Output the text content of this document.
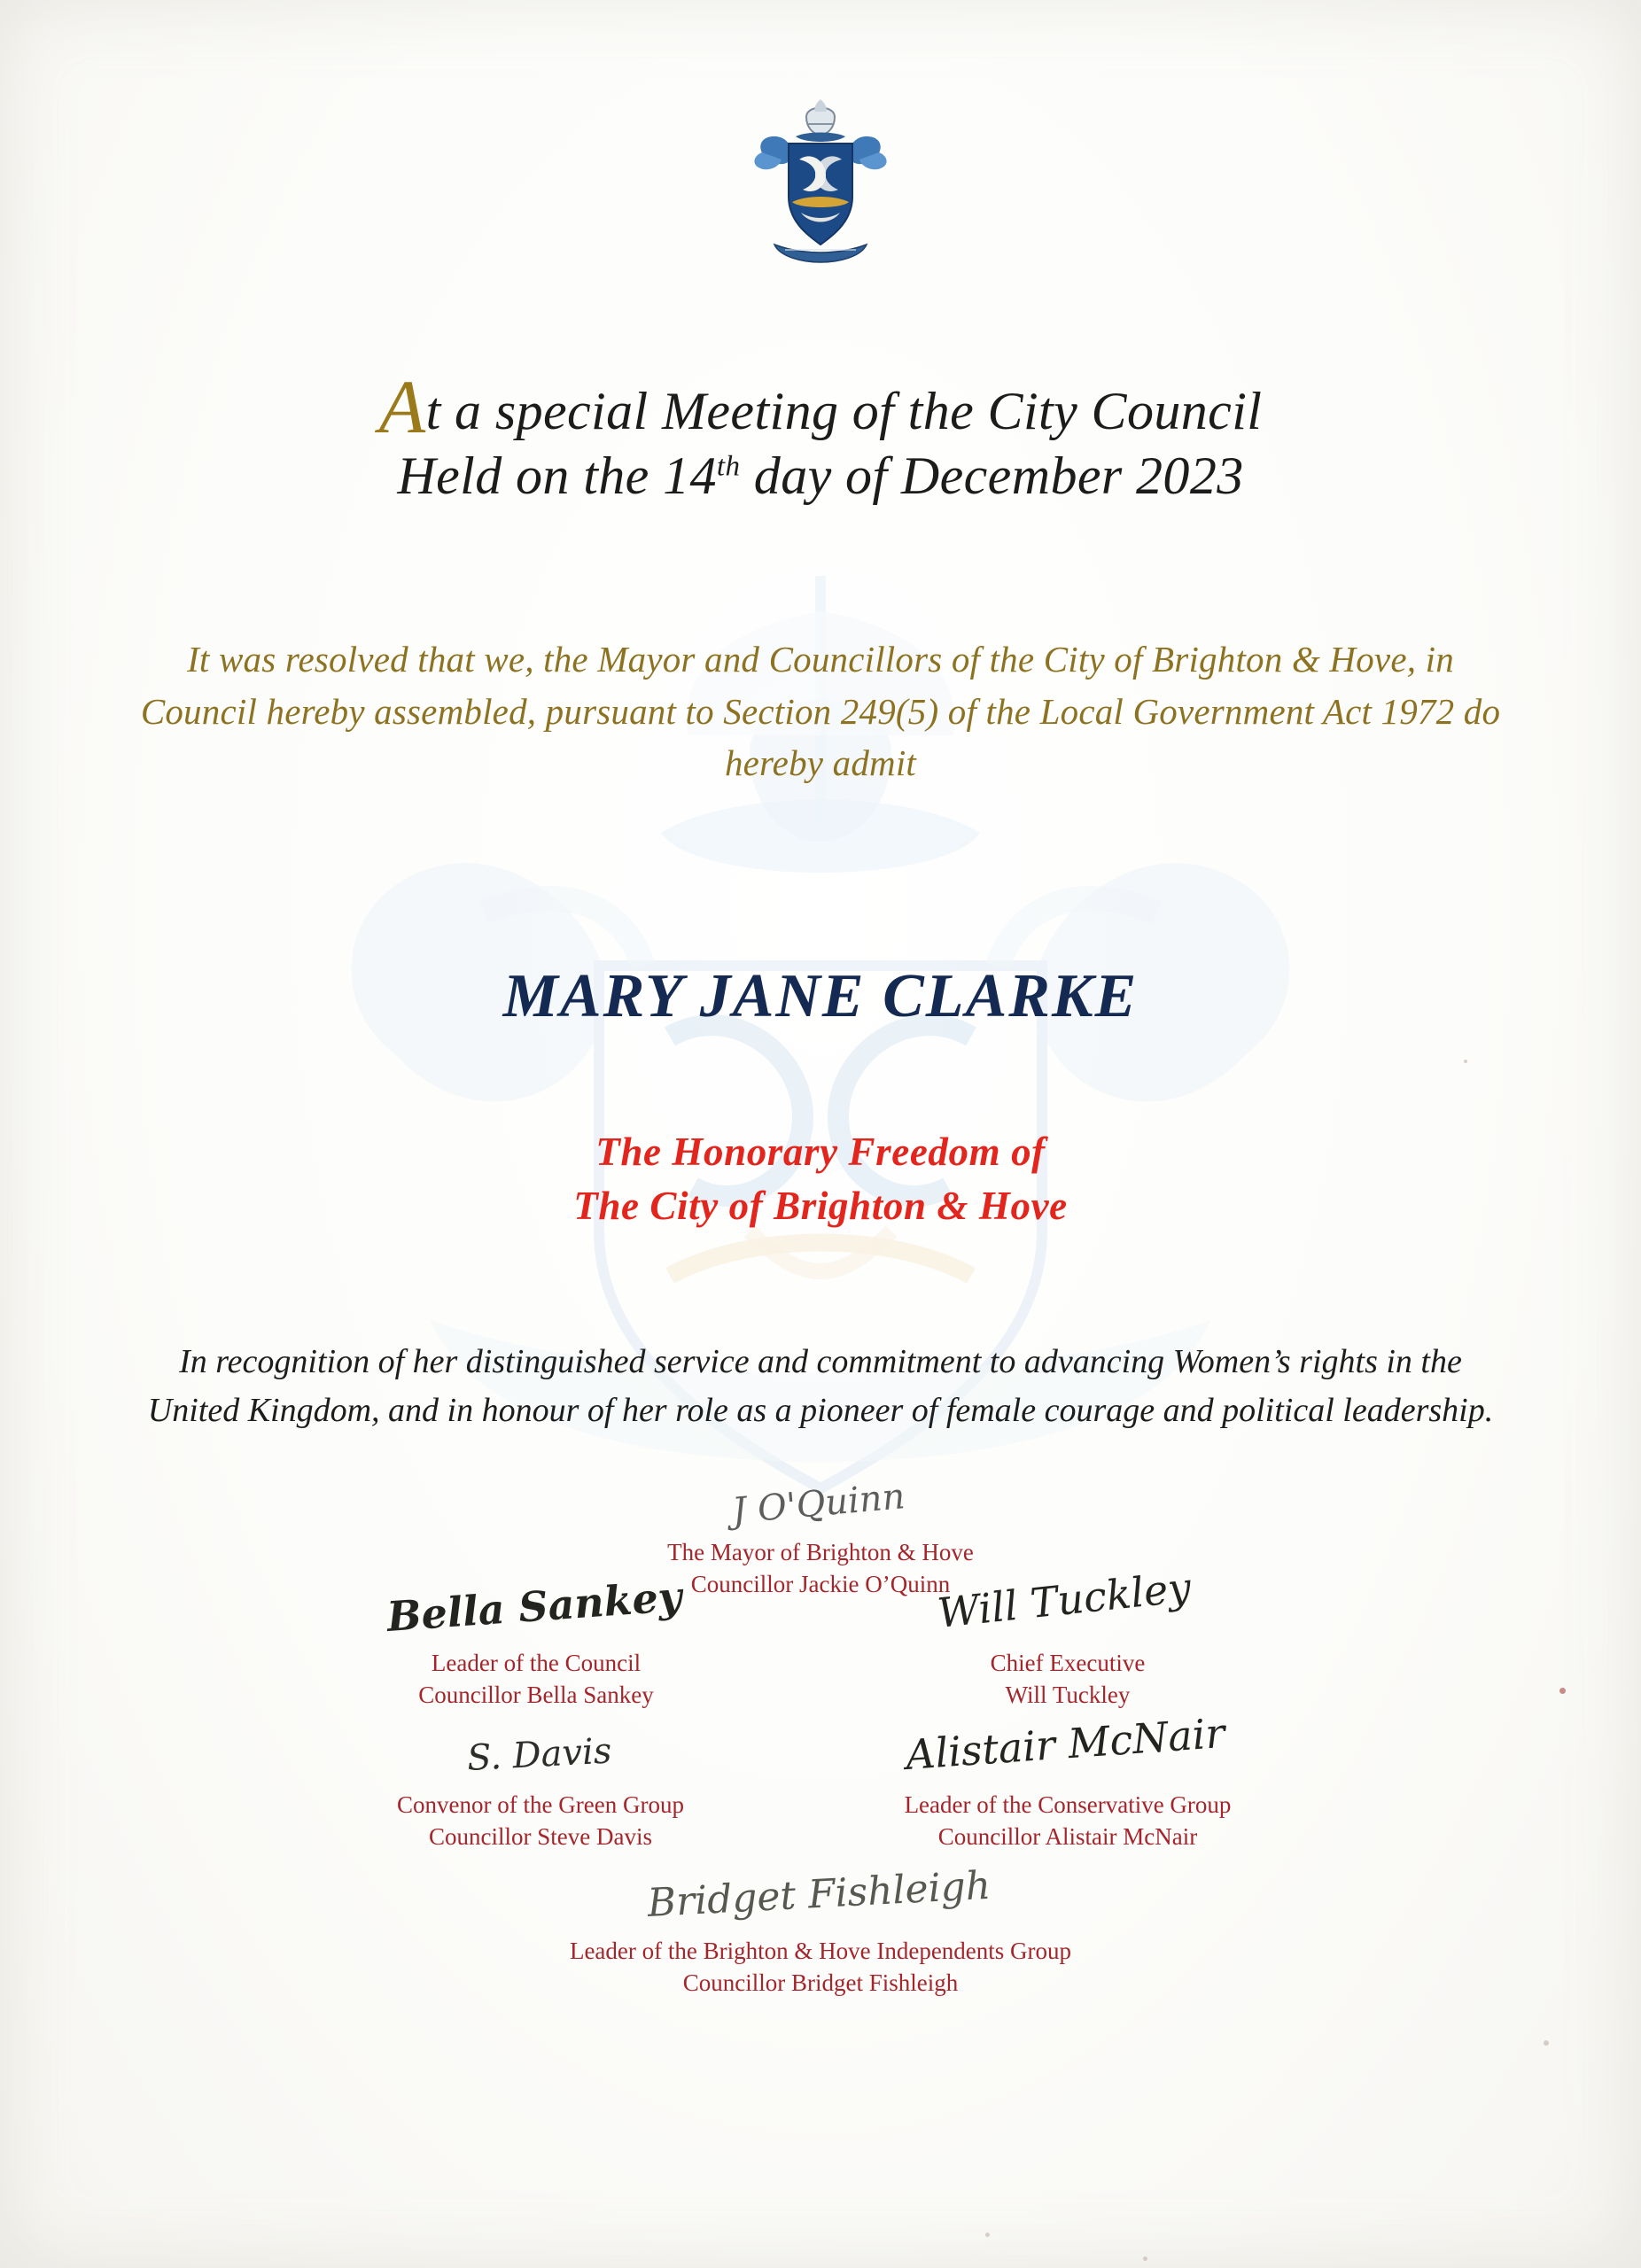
At a special Meeting of the City Council
Held on the 14th day of December 2023
It was resolved that we, the Mayor and Councillors of the City of Brighton & Hove, in Council hereby assembled, pursuant to Section 249(5) of the Local Government Act 1972 do hereby admit
MARY JANE CLARKE
The Honorary Freedom of
The City of Brighton & Hove
In recognition of her distinguished service and commitment to advancing Women’s rights in the United Kingdom, and in honour of her role as a pioneer of female courage and political leadership.
J O'Quinn
The Mayor of Brighton & Hove
Councillor Jackie O’Quinn
Bella Sankey
Leader of the Council
Councillor Bella Sankey
Will Tuckley
Chief Executive
Will Tuckley
S. Davis
Convenor of the Green Group
Councillor Steve Davis
Alistair McNair
Leader of the Conservative Group
Councillor Alistair McNair
Bridget Fishleigh
Leader of the Brighton & Hove Independents Group
Councillor Bridget Fishleigh
